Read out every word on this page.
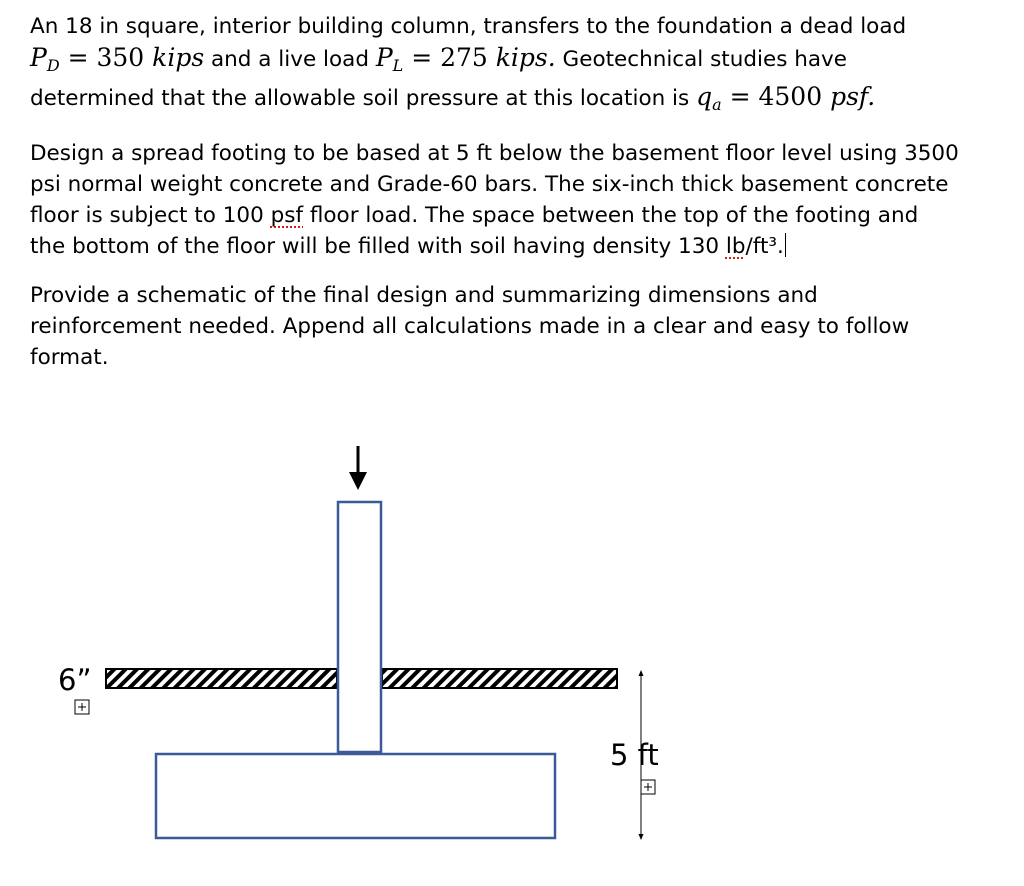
An 18 in square, interior building column, transfers to the foundation a dead load
$P_D = 350$ kips and a live load $P_L = 275$ kips. Geotechnical studies have
determined that the allowable soil pressure at this location is $q_a = 4500$ psf.
Design a spread footing to be based at 5 ft below the basement floor level using 3500
psi normal weight concrete and Grade-60 bars. The six-inch thick basement concrete
floor is subject to 100 psf floor load. The space between the top of the footing and
the bottom of the floor will be filled with soil having density 130 lb/ft³.
Provide a schematic of the final design and summarizing dimensions and
reinforcement needed. Append all calculations made in a clear and easy to follow
format.
6”
5 ft
